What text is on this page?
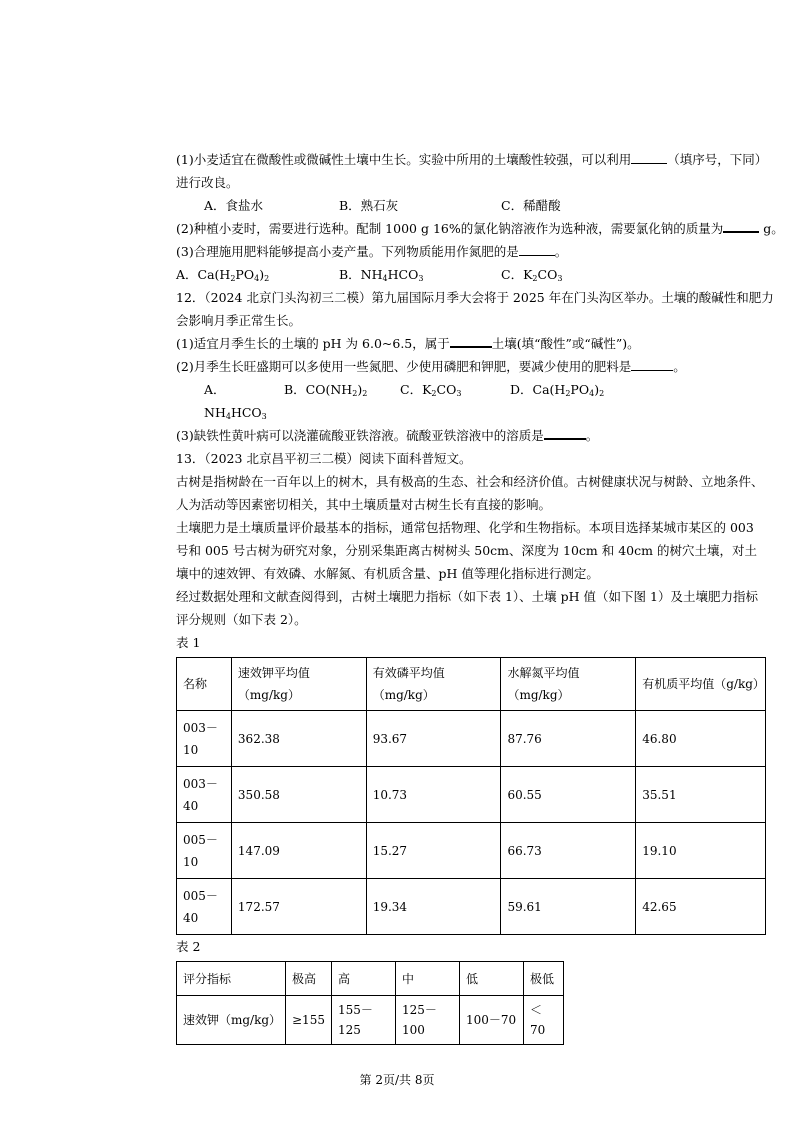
(1)小麦适宜在微酸性或微碱性土壤中生长。实验中所用的土壤酸性较强，可以利用	（填序号，下同）
进行改良。
A．食盐水	B．熟石灰	C．稀醋酸
(2)种植小麦时，需要进行选种。配制 1000 g 16%的氯化钠溶液作为选种液，需要氯化钠的质量为	g。
(3)合理施用肥料能够提高小麦产量。下列物质能用作氮肥的是	。
A．$Ca(H_2PO_4)_2$	B．$NH_4HCO_3$	C．$K_2CO_3$
12．（2024 北京门头沟初三二模）第九届国际月季大会将于 2025 年在门头沟区举办。土壤的酸碱性和肥力
会影响月季正常生长。
(1)适宜月季生长的土壤的 pH 为 6.0~6.5，属于	土壤(填“酸性”或“碱性”)。
(2)月季生长旺盛期可以多使用一些氮肥、少使用磷肥和钾肥，要减少使用的肥料是	。
A．$NH_4HCO_3$
B．$CO(NH_2)_2$	C．$K_2CO_3$	D．$Ca(H_2PO_4)_2$
(3)缺铁性黄叶病可以浇灌硫酸亚铁溶液。硫酸亚铁溶液中的溶质是	。
13．（2023 北京昌平初三二模）阅读下面科普短文。
古树是指树龄在一百年以上的树木，具有极高的生态、社会和经济价值。古树健康状况与树龄、立地条件、人为活动等因素密切相关，其中土壤质量对古树生长有直接的影响。
土壤肥力是土壤质量评价最基本的指标，通常包括物理、化学和生物指标。本项目选择某城市某区的 003 号和 005 号古树为研究对象，分别采集距离古树树头 50cm、深度为 10cm 和 40cm 的树穴土壤，对土壤中的速效钾、有效磷、水解氮、有机质含量、pH 值等理化指标进行测定。
经过数据处理和文献查阅得到，古树土壤肥力指标（如下表 1）、土壤 pH 值（如下图 1）及土壤肥力指标评分规则（如下表 2）。
表 1
名称	速效钾平均值（mg/kg）	有效磷平均值（mg/kg）	水解氮平均值（mg/kg）	有机质平均值（g/kg）
003－10	362.38	93.67	87.76	46.80
003－40	350.58	10.73	60.55	35.51
005－10	147.09	15.27	66.73	19.10
005－40	172.57	19.34	59.61	42.65
表 2
评分指标	极高	高	中	低	极低
速效钾（mg/kg）	≥155	155－125	125－100	100－70	＜70
第 2页/共 8页
